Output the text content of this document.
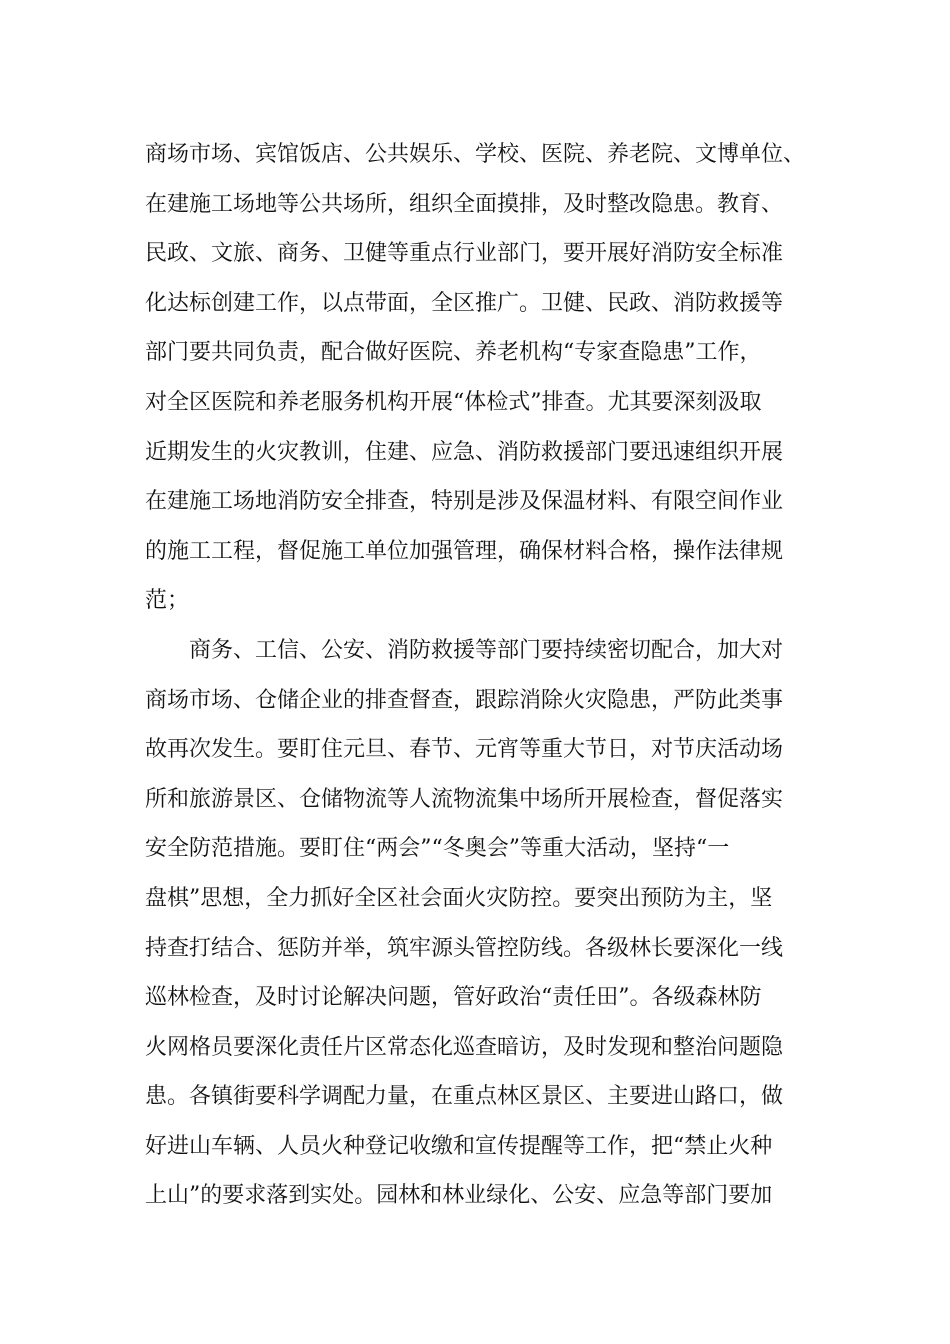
商场市场、宾馆饭店、公共娱乐、学校、医院、养老院、文博单位、
在建施工场地等公共场所，组织全面摸排，及时整改隐患。教育、
民政、文旅、商务、卫健等重点行业部门，要开展好消防安全标准
化达标创建工作，以点带面，全区推广。卫健、民政、消防救援等
部门要共同负责，配合做好医院、养老机构“专家查隐患”工作，
对全区医院和养老服务机构开展“体检式”排查。尤其要深刻汲取
近期发生的火灾教训，住建、应急、消防救援部门要迅速组织开展
在建施工场地消防安全排查，特别是涉及保温材料、有限空间作业
的施工工程，督促施工单位加强管理，确保材料合格，操作法律规
范；
商务、工信、公安、消防救援等部门要持续密切配合，加大对
商场市场、仓储企业的排查督查，跟踪消除火灾隐患，严防此类事
故再次发生。要盯住元旦、春节、元宵等重大节日，对节庆活动场
所和旅游景区、仓储物流等人流物流集中场所开展检查，督促落实
安全防范措施。要盯住“两会”“冬奥会”等重大活动，坚持“一
盘棋”思想，全力抓好全区社会面火灾防控。要突出预防为主，坚
持查打结合、惩防并举，筑牢源头管控防线。各级林长要深化一线
巡林检查，及时讨论解决问题，管好政治“责任田”。各级森林防
火网格员要深化责任片区常态化巡查暗访，及时发现和整治问题隐
患。各镇街要科学调配力量，在重点林区景区、主要进山路口，做
好进山车辆、人员火种登记收缴和宣传提醒等工作，把“禁止火种
上山”的要求落到实处。园林和林业绿化、公安、应急等部门要加
